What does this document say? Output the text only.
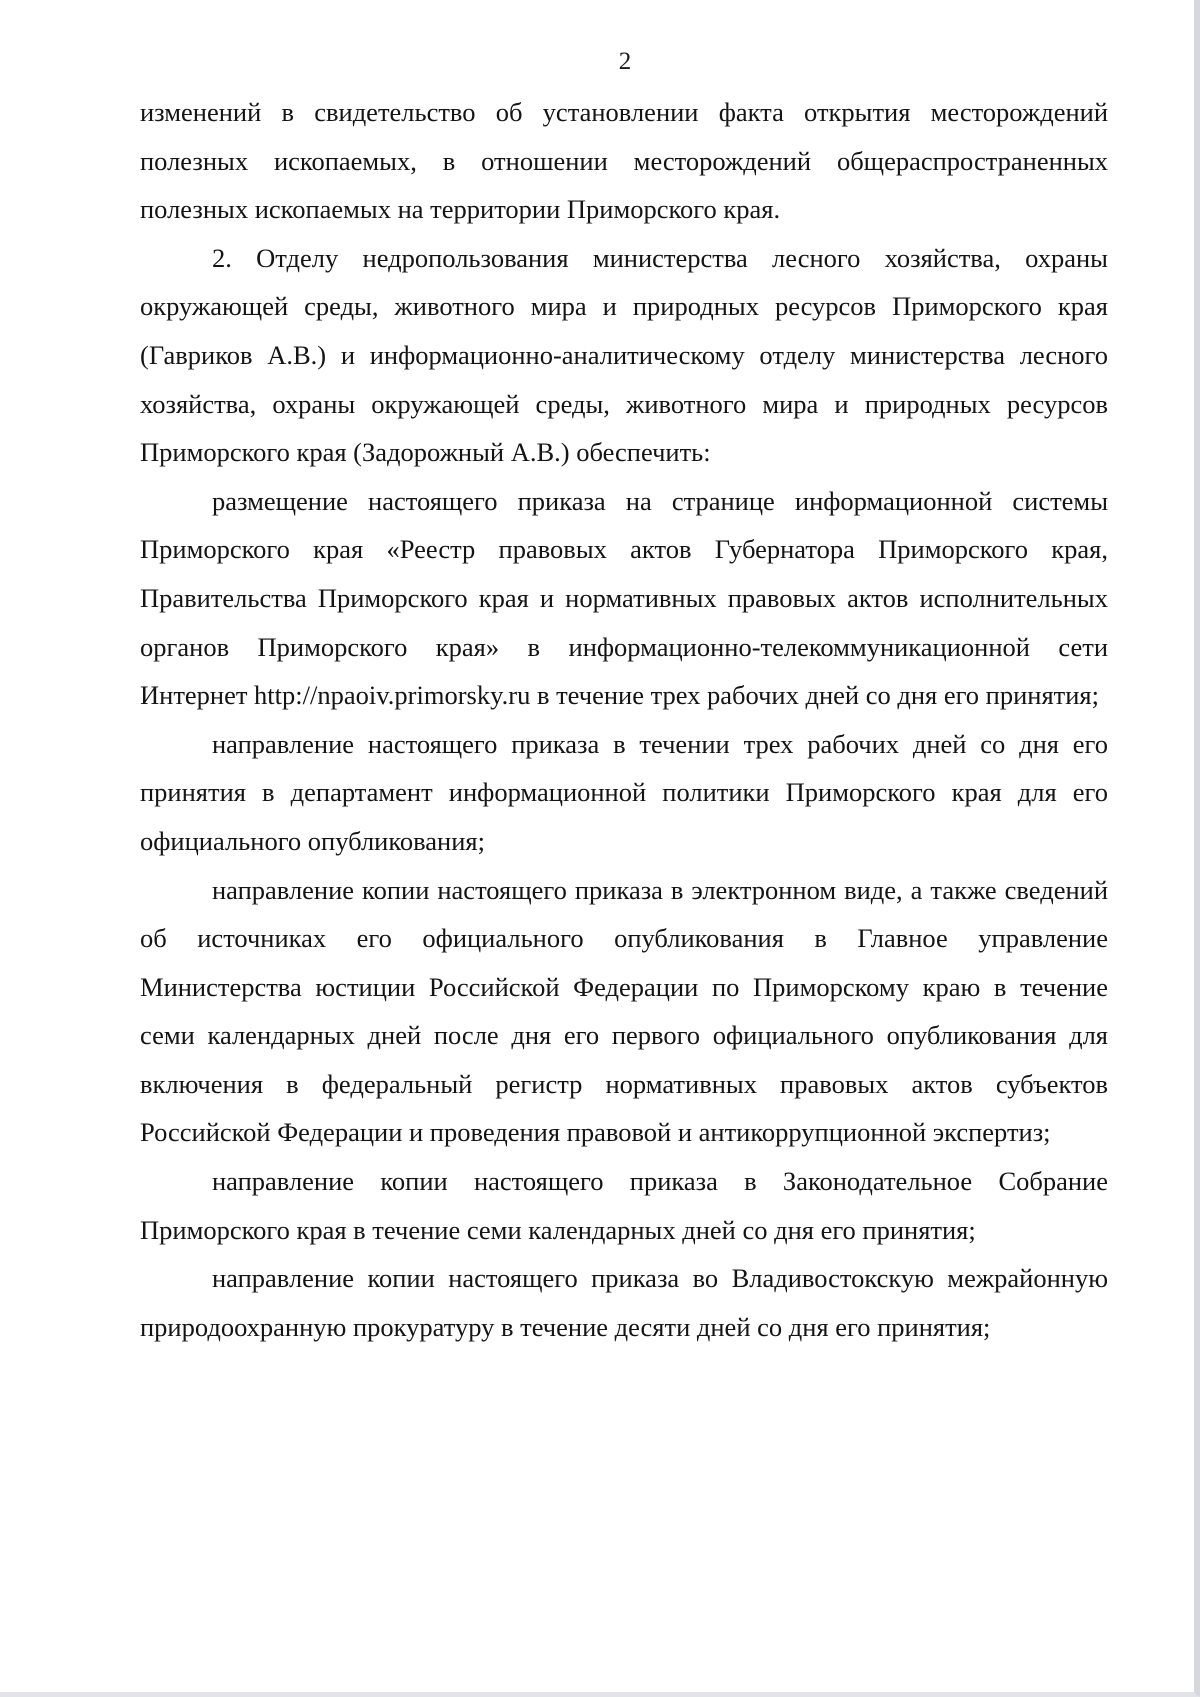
2

изменений в свидетельство об установлении факта открытия месторождений полезных ископаемых, в отношении месторождений общераспространенных полезных ископаемых на территории Приморского края.

2. Отделу недропользования министерства лесного хозяйства, охраны окружающей среды, животного мира и природных ресурсов Приморского края (Гавриков А.В.) и информационно-аналитическому отделу министерства лесного хозяйства, охраны окружающей среды, животного мира и природных ресурсов Приморского края (Задорожный А.В.) обеспечить:

размещение настоящего приказа на странице информационной системы Приморского края «Реестр правовых актов Губернатора Приморского края, Правительства Приморского края и нормативных правовых актов исполнительных органов Приморского края» в информационно-телекоммуникационной сети Интернет http://npaoiv.primorsky.ru в течение трех рабочих дней со дня его принятия;

направление настоящего приказа в течении трех рабочих дней со дня его принятия в департамент информационной политики Приморского края для его официального опубликования;

направление копии настоящего приказа в электронном виде, а также сведений об источниках его официального опубликования в Главное управление Министерства юстиции Российской Федерации по Приморскому краю в течение семи календарных дней после дня его первого официального опубликования для включения в федеральный регистр нормативных правовых актов субъектов Российской Федерации и проведения правовой и антикоррупционной экспертиз;

направление копии настоящего приказа в Законодательное Собрание Приморского края в течение семи календарных дней со дня его принятия;

направление копии настоящего приказа во Владивостокскую межрайонную природоохранную прокуратуру в течение десяти дней со дня его принятия;
